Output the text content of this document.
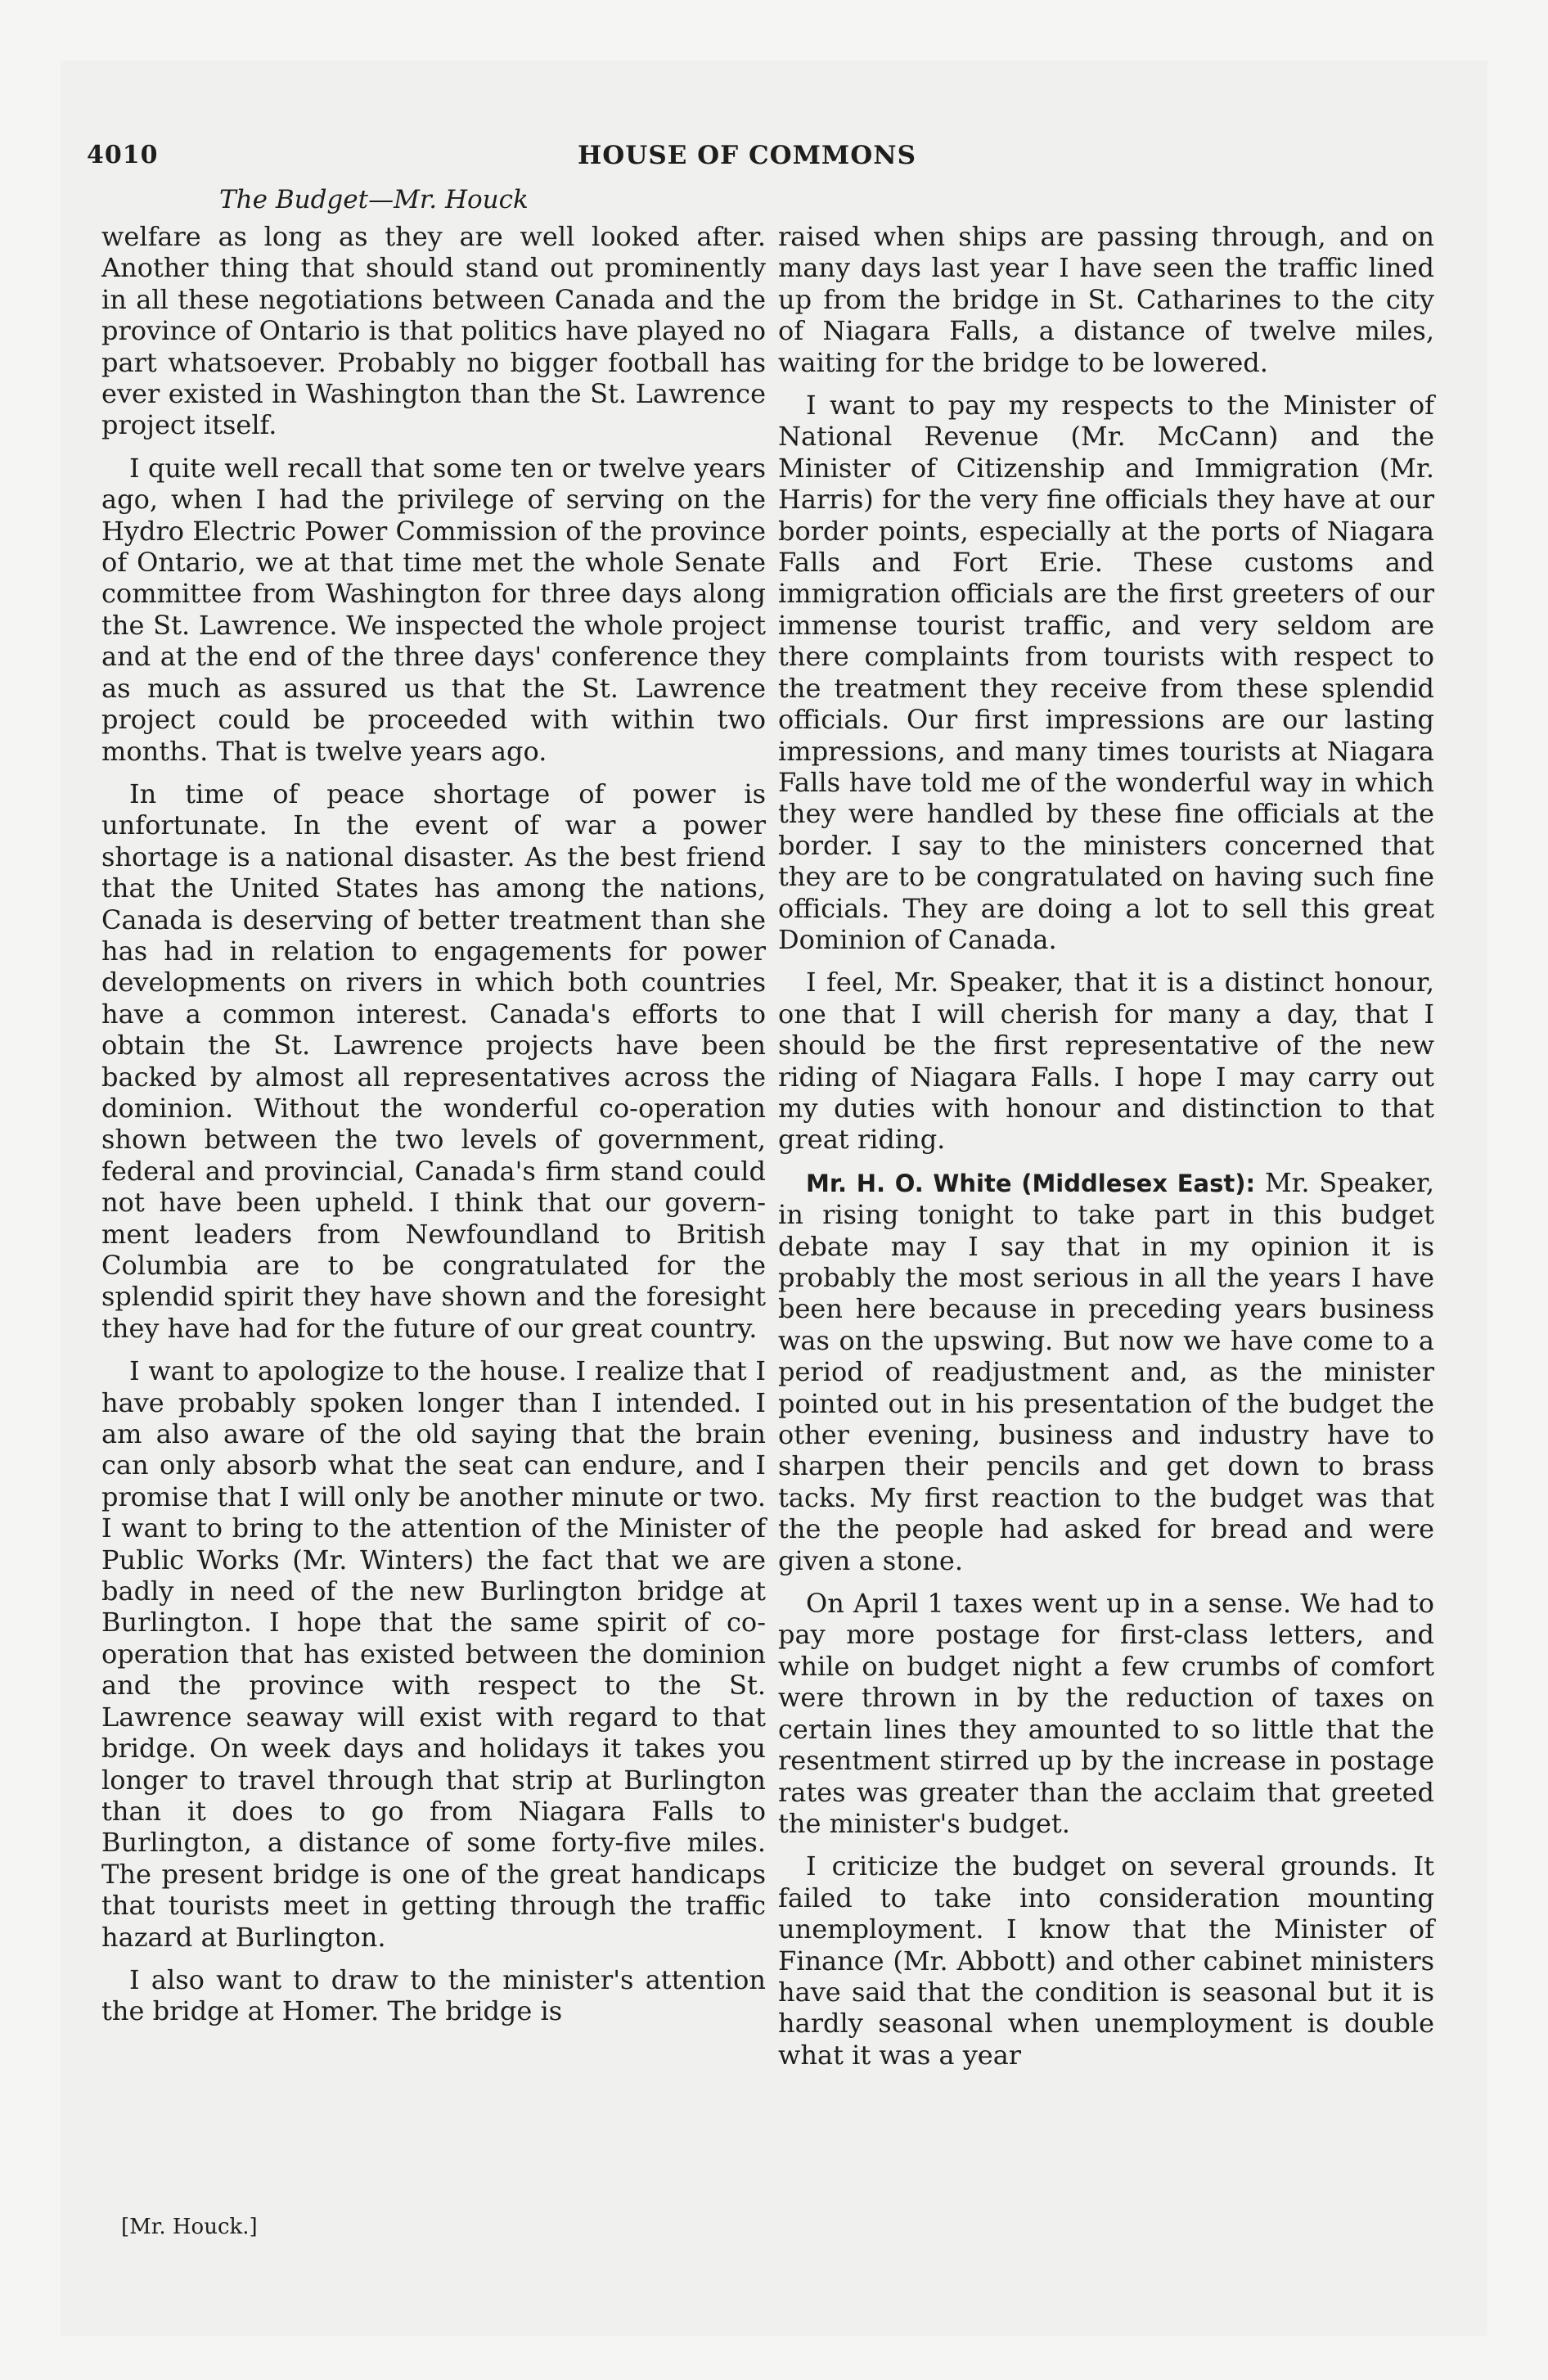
4010	HOUSE OF COMMONS
The Budget—Mr. Houck

welfare as long as they are well looked after. Another thing that should stand out prominently in all these negotiations between Canada and the province of Ontario is that politics have played no part whatsoever. Probably no bigger football has ever existed in Washington than the St. Lawrence project itself.

I quite well recall that some ten or twelve years ago, when I had the privilege of serving on the Hydro Electric Power Commission of the province of Ontario, we at that time met the whole Senate committee from Washington for three days along the St. Lawrence. We inspected the whole project and at the end of the three days' conference they as much as assured us that the St. Lawrence project could be proceeded with within two months. That is twelve years ago.

In time of peace shortage of power is unfortunate. In the event of war a power shortage is a national disaster. As the best friend that the United States has among the nations, Canada is deserving of better treatment than she has had in relation to engagements for power developments on rivers in which both countries have a common interest. Canada's efforts to obtain the St. Lawrence projects have been backed by almost all representatives across the dominion. Without the wonderful co-operation shown between the two levels of government, federal and provincial, Canada's firm stand could not have been upheld. I think that our government leaders from Newfoundland to British Columbia are to be congratulated for the splendid spirit they have shown and the foresight they have had for the future of our great country.

I want to apologize to the house. I realize that I have probably spoken longer than I intended. I am also aware of the old saying that the brain can only absorb what the seat can endure, and I promise that I will only be another minute or two. I want to bring to the attention of the Minister of Public Works (Mr. Winters) the fact that we are badly in need of the new Burlington bridge at Burlington. I hope that the same spirit of co-operation that has existed between the dominion and the province with respect to the St. Lawrence seaway will exist with regard to that bridge. On week days and holidays it takes you longer to travel through that strip at Burlington than it does to go from Niagara Falls to Burlington, a distance of some forty-five miles. The present bridge is one of the great handicaps that tourists meet in getting through the traffic hazard at Burlington.

I also want to draw to the minister's attention the bridge at Homer. The bridge is

raised when ships are passing through, and on many days last year I have seen the traffic lined up from the bridge in St. Catharines to the city of Niagara Falls, a distance of twelve miles, waiting for the bridge to be lowered.

I want to pay my respects to the Minister of National Revenue (Mr. McCann) and the Minister of Citizenship and Immigration (Mr. Harris) for the very fine officials they have at our border points, especially at the ports of Niagara Falls and Fort Erie. These customs and immigration officials are the first greeters of our immense tourist traffic, and very seldom are there complaints from tourists with respect to the treatment they receive from these splendid officials. Our first impressions are our lasting impressions, and many times tourists at Niagara Falls have told me of the wonderful way in which they were handled by these fine officials at the border. I say to the ministers concerned that they are to be congratulated on having such fine officials. They are doing a lot to sell this great Dominion of Canada.

I feel, Mr. Speaker, that it is a distinct honour, one that I will cherish for many a day, that I should be the first representative of the new riding of Niagara Falls. I hope I may carry out my duties with honour and distinction to that great riding.

Mr. H. O. White (Middlesex East): Mr. Speaker, in rising tonight to take part in this budget debate may I say that in my opinion it is probably the most serious in all the years I have been here because in preceding years business was on the upswing. But now we have come to a period of readjustment and, as the minister pointed out in his presentation of the budget the other evening, business and industry have to sharpen their pencils and get down to brass tacks. My first reaction to the budget was that the the people had asked for bread and were given a stone.

On April 1 taxes went up in a sense. We had to pay more postage for first-class letters, and while on budget night a few crumbs of comfort were thrown in by the reduction of taxes on certain lines they amounted to so little that the resentment stirred up by the increase in postage rates was greater than the acclaim that greeted the minister's budget.

I criticize the budget on several grounds. It failed to take into consideration mounting unemployment. I know that the Minister of Finance (Mr. Abbott) and other cabinet ministers have said that the condition is seasonal but it is hardly seasonal when unemployment is double what it was a year

[Mr. Houck.]
